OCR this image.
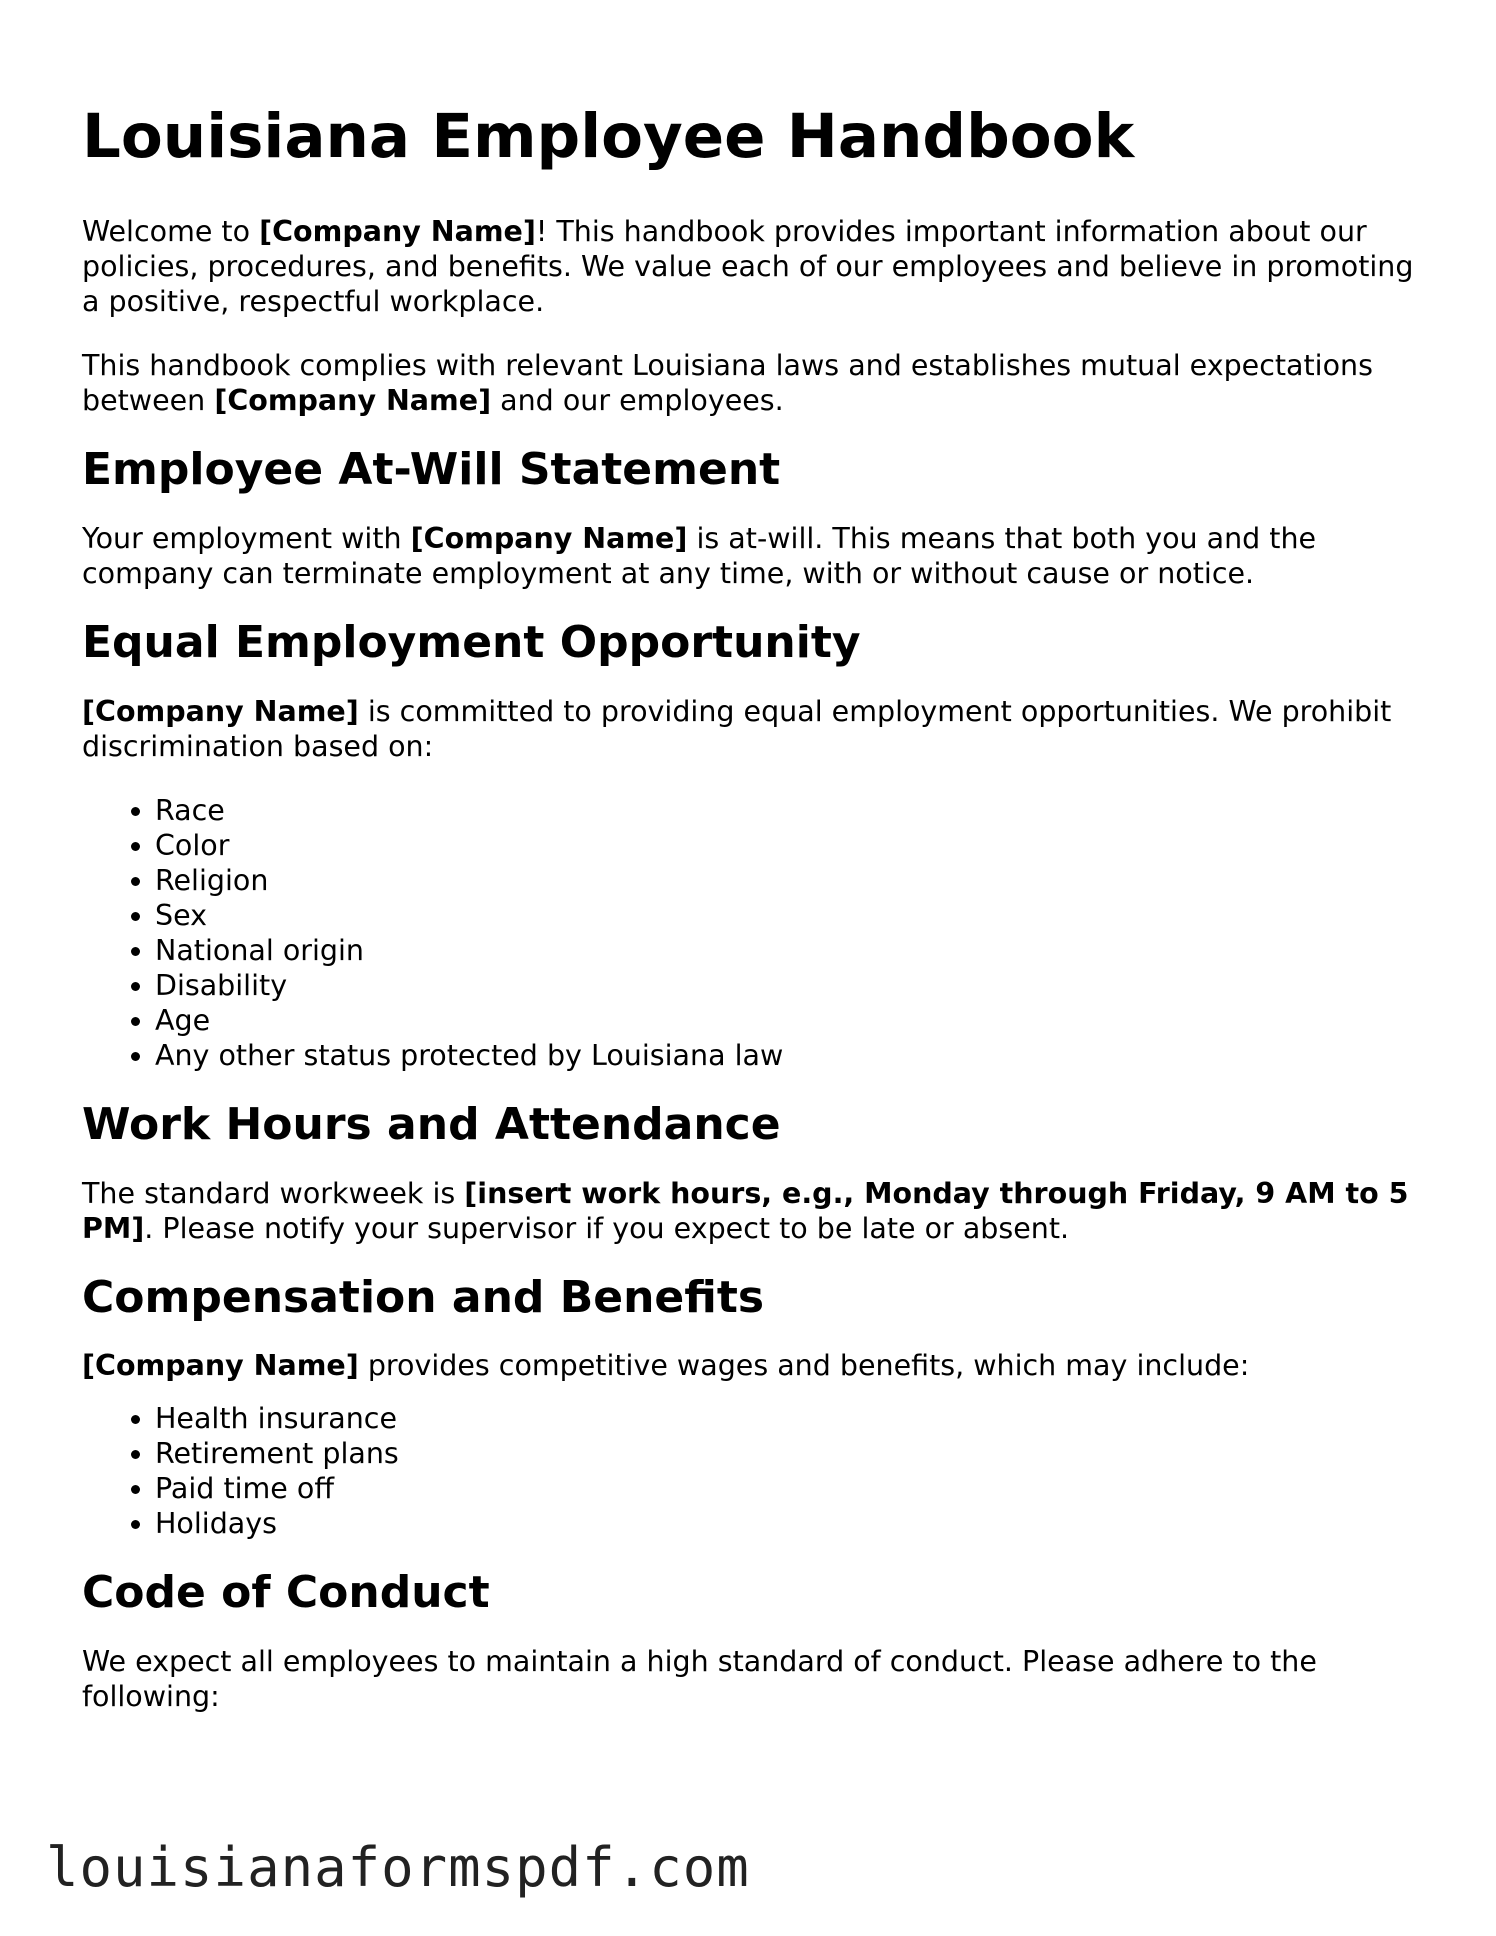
Louisiana Employee Handbook

Welcome to [Company Name]! This handbook provides important information about our policies, procedures, and benefits. We value each of our employees and believe in promoting a positive, respectful workplace.

This handbook complies with relevant Louisiana laws and establishes mutual expectations between [Company Name] and our employees.

Employee At-Will Statement

Your employment with [Company Name] is at-will. This means that both you and the company can terminate employment at any time, with or without cause or notice.

Equal Employment Opportunity

[Company Name] is committed to providing equal employment opportunities. We prohibit discrimination based on:

• Race
• Color
• Religion
• Sex
• National origin
• Disability
• Age
• Any other status protected by Louisiana law
Work Hours and Attendance

The standard workweek is [insert work hours, e.g., Monday through Friday, 9 AM to 5 PM]. Please notify your supervisor if you expect to be late or absent.

Compensation and Benefits

[Company Name] provides competitive wages and benefits, which may include:

• Health insurance
• Retirement plans
• Paid time off
• Holidays
Code of Conduct

We expect all employees to maintain a high standard of conduct. Please adhere to the following:

louisianaformspdf.com
